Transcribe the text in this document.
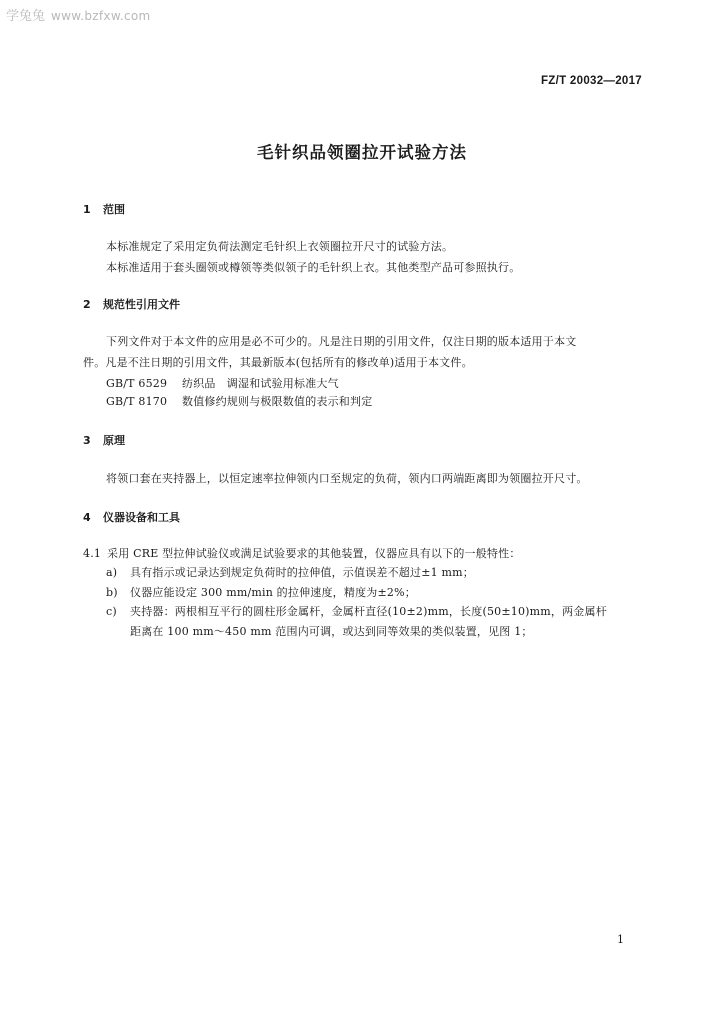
学兔兔 www.bzfxw.com
FZ/T 20032—2017
毛针织品领圈拉开试验方法
1 范围
本标准规定了采用定负荷法测定毛针织上衣领圈拉开尺寸的试验方法。
本标准适用于套头圈领或樽领等类似领子的毛针织上衣。其他类型产品可参照执行。
2 规范性引用文件
下列文件对于本文件的应用是必不可少的。凡是注日期的引用文件，仅注日期的版本适用于本文
件。凡是不注日期的引用文件，其最新版本(包括所有的修改单)适用于本文件。
GB/T 6529 纺织品　调湿和试验用标准大气
GB/T 8170 数值修约规则与极限数值的表示和判定
3 原理
将领口套在夹持器上，以恒定速率拉伸领内口至规定的负荷，领内口两端距离即为领圈拉开尺寸。
4 仪器设备和工具
4.1 采用 CRE 型拉伸试验仪或满足试验要求的其他装置，仪器应具有以下的一般特性：
a) 具有指示或记录达到规定负荷时的拉伸值，示值误差不超过±1 mm；
b) 仪器应能设定 300 mm/min 的拉伸速度，精度为±2%；
c) 夹持器：两根相互平行的圆柱形金属杆，金属杆直径(10±2)mm，长度(50±10)mm，两金属杆
距离在 100 mm～450 mm 范围内可调，或达到同等效果的类似装置，见图 1；
1
